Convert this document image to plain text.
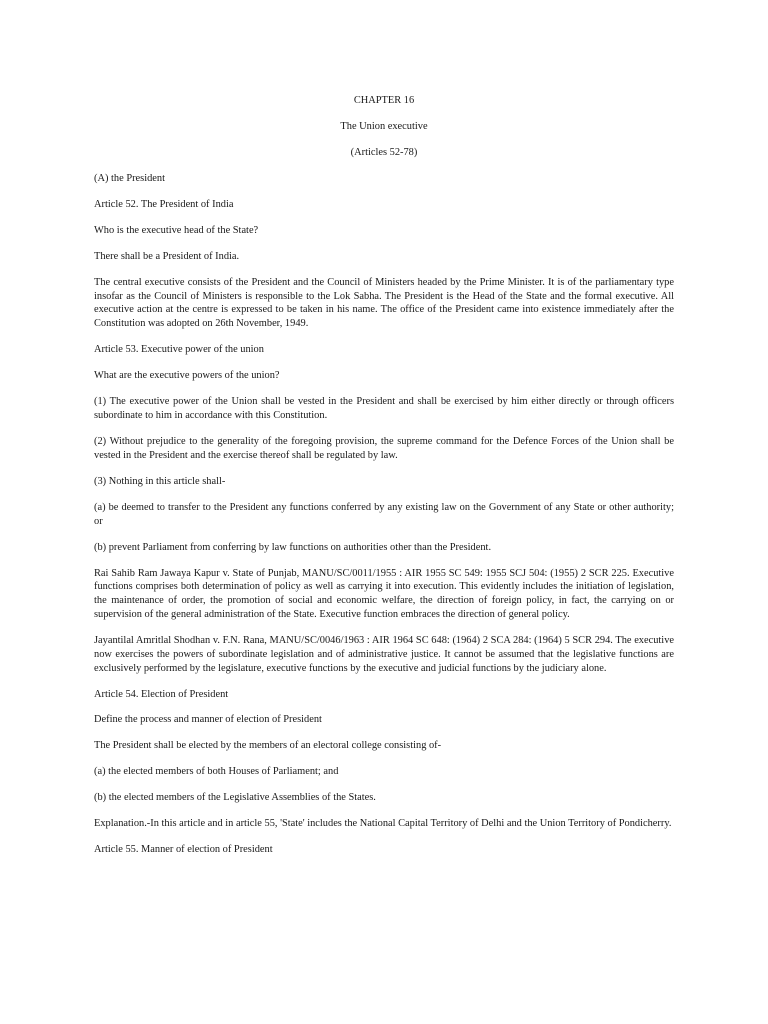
CHAPTER 16

The Union executive

(Articles 52-78)

(A) the President

Article 52. The President of India

Who is the executive head of the State?

There shall be a President of India.

The central executive consists of the President and the Council of Ministers headed by the Prime Minister. It is of the parliamentary type insofar as the Council of Ministers is responsible to the Lok Sabha. The President is the Head of the State and the formal executive. All executive action at the centre is expressed to be taken in his name. The office of the President came into existence immediately after the Constitution was adopted on 26th November, 1949.

Article 53. Executive power of the union

What are the executive powers of the union?

(1) The executive power of the Union shall be vested in the President and shall be exercised by him either directly or through officers subordinate to him in accordance with this Constitution.

(2) Without prejudice to the generality of the foregoing provision, the supreme command for the Defence Forces of the Union shall be vested in the President and the exercise thereof shall be regulated by law.

(3) Nothing in this article shall-

(a) be deemed to transfer to the President any functions conferred by any existing law on the Government of any State or other authority; or

(b) prevent Parliament from conferring by law functions on authorities other than the President.

Rai Sahib Ram Jawaya Kapur v. State of Punjab, MANU/SC/0011/1955 : AIR 1955 SC 549: 1955 SCJ 504: (1955) 2 SCR 225. Executive functions comprises both determination of policy as well as carrying it into execution. This evidently includes the initiation of legislation, the maintenance of order, the promotion of social and economic welfare, the direction of foreign policy, in fact, the carrying on or supervision of the general administration of the State. Executive function embraces the direction of general policy.

Jayantilal Amritlal Shodhan v. F.N. Rana, MANU/SC/0046/1963 : AIR 1964 SC 648: (1964) 2 SCA 284: (1964) 5 SCR 294. The executive now exercises the powers of subordinate legislation and of administrative justice. It cannot be assumed that the legislative functions are exclusively performed by the legislature, executive functions by the executive and judicial functions by the judiciary alone.

Article 54. Election of President

Define the process and manner of election of President

The President shall be elected by the members of an electoral college consisting of-

(a) the elected members of both Houses of Parliament; and

(b) the elected members of the Legislative Assemblies of the States.

Explanation.-In this article and in article 55, 'State' includes the National Capital Territory of Delhi and the Union Territory of Pondicherry.

Article 55. Manner of election of President
